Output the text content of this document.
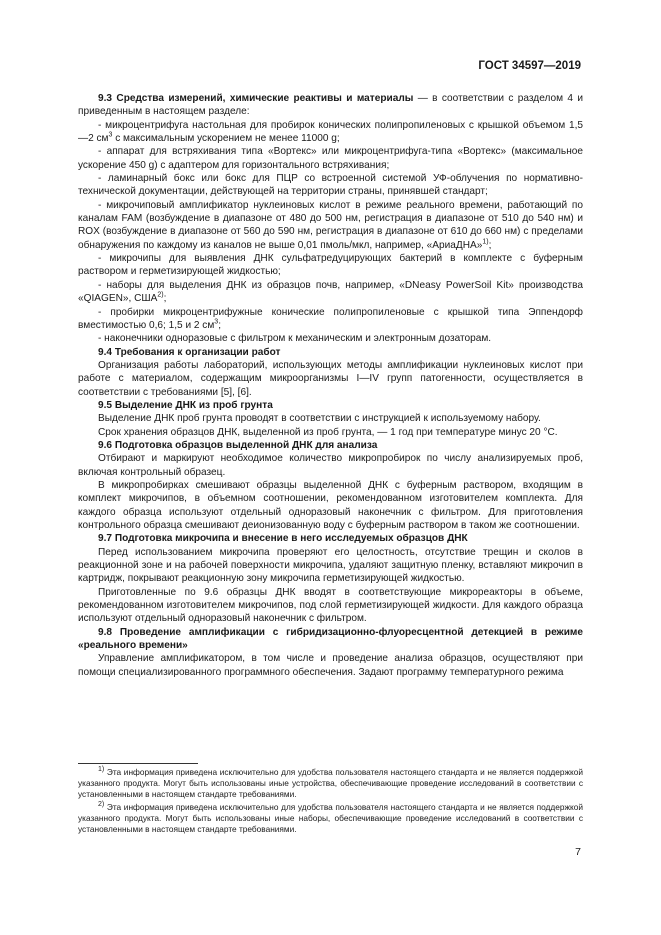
ГОСТ 34597—2019

9.3 Средства измерений, химические реактивы и материалы — в соответствии с разделом 4 и приведенным в настоящем разделе:

- микроцентрифуга настольная для пробирок конических полипропиленовых с крышкой объемом 1,5—2 $см^3$ с максимальным ускорением не менее 11000 g;

- аппарат для встряхивания типа «Вортекс» или микроцентрифуга-типа «Вортекс» (максимальное ускорение 450 g) с адаптером для горизонтального встряхивания;

- ламинарный бокс или бокс для ПЦР со встроенной системой УФ-облучения по нормативно-технической документации, действующей на территории страны, принявшей стандарт;

- микрочиповый амплификатор нуклеиновых кислот в режиме реального времени, работающий по каналам FAM (возбуждение в диапазоне от 480 до 500 нм, регистрация в диапазоне от 510 до 540 нм) и ROX (возбуждение в диапазоне от 560 до 590 нм, регистрация в диапазоне от 610 до 660 нм) с пределами обнаружения по каждому из каналов не выше 0,01 пмоль/мкл, например, «АриаДНА»$^{1)}$;

- микрочипы для выявления ДНК сульфатредуцирующих бактерий в комплекте с буферным раствором и герметизирующей жидкостью;

- наборы для выделения ДНК из образцов почв, например, «DNeasy PowerSoil Kit» производства «QIAGEN», США$^{2)}$;

- пробирки микроцентрифужные конические полипропиленовые с крышкой типа Эппендорф вместимостью 0,6; 1,5 и 2 $см^3$;

- наконечники одноразовые с фильтром к механическим и электронным дозаторам.

9.4 Требования к организации работ

Организация работы лабораторий, использующих методы амплификации нуклеиновых кислот при работе с материалом, содержащим микроорганизмы I—IV групп патогенности, осуществляется в соответствии с требованиями [5], [6].

9.5 Выделение ДНК из проб грунта

Выделение ДНК проб грунта проводят в соответствии с инструкцией к используемому набору.

Срок хранения образцов ДНК, выделенной из проб грунта, — 1 год при температуре минус 20 °С.

9.6 Подготовка образцов выделенной ДНК для анализа

Отбирают и маркируют необходимое количество микропробирок по числу анализируемых проб, включая контрольный образец.

В микропробирках смешивают образцы выделенной ДНК с буферным раствором, входящим в комплект микрочипов, в объемном соотношении, рекомендованном изготовителем комплекта. Для каждого образца используют отдельный одноразовый наконечник с фильтром. Для приготовления контрольного образца смешивают деионизованную воду с буферным раствором в таком же соотношении.

9.7 Подготовка микрочипа и внесение в него исследуемых образцов ДНК

Перед использованием микрочипа проверяют его целостность, отсутствие трещин и сколов в реакционной зоне и на рабочей поверхности микрочипа, удаляют защитную пленку, вставляют микрочип в картридж, покрывают реакционную зону микрочипа герметизирующей жидкостью.

Приготовленные по 9.6 образцы ДНК вводят в соответствующие микрореакторы в объеме, рекомендованном изготовителем микрочипов, под слой герметизирующей жидкости. Для каждого образца используют отдельный одноразовый наконечник с фильтром.

9.8 Проведение амплификации с гибридизационно-флуоресцентной детекцией в режиме «реального времени»

Управление амплификатором, в том числе и проведение анализа образцов, осуществляют при помощи специализированного программного обеспечения. Задают программу температурного режима

$^{1)}$ Эта информация приведена исключительно для удобства пользователя настоящего стандарта и не является поддержкой указанного продукта. Могут быть использованы иные устройства, обеспечивающие проведение исследований в соответствии с установленными в настоящем стандарте требованиями.

$^{2)}$ Эта информация приведена исключительно для удобства пользователя настоящего стандарта и не является поддержкой указанного продукта. Могут быть использованы иные наборы, обеспечивающие проведение исследований в соответствии с установленными в настоящем стандарте требованиями.

7
